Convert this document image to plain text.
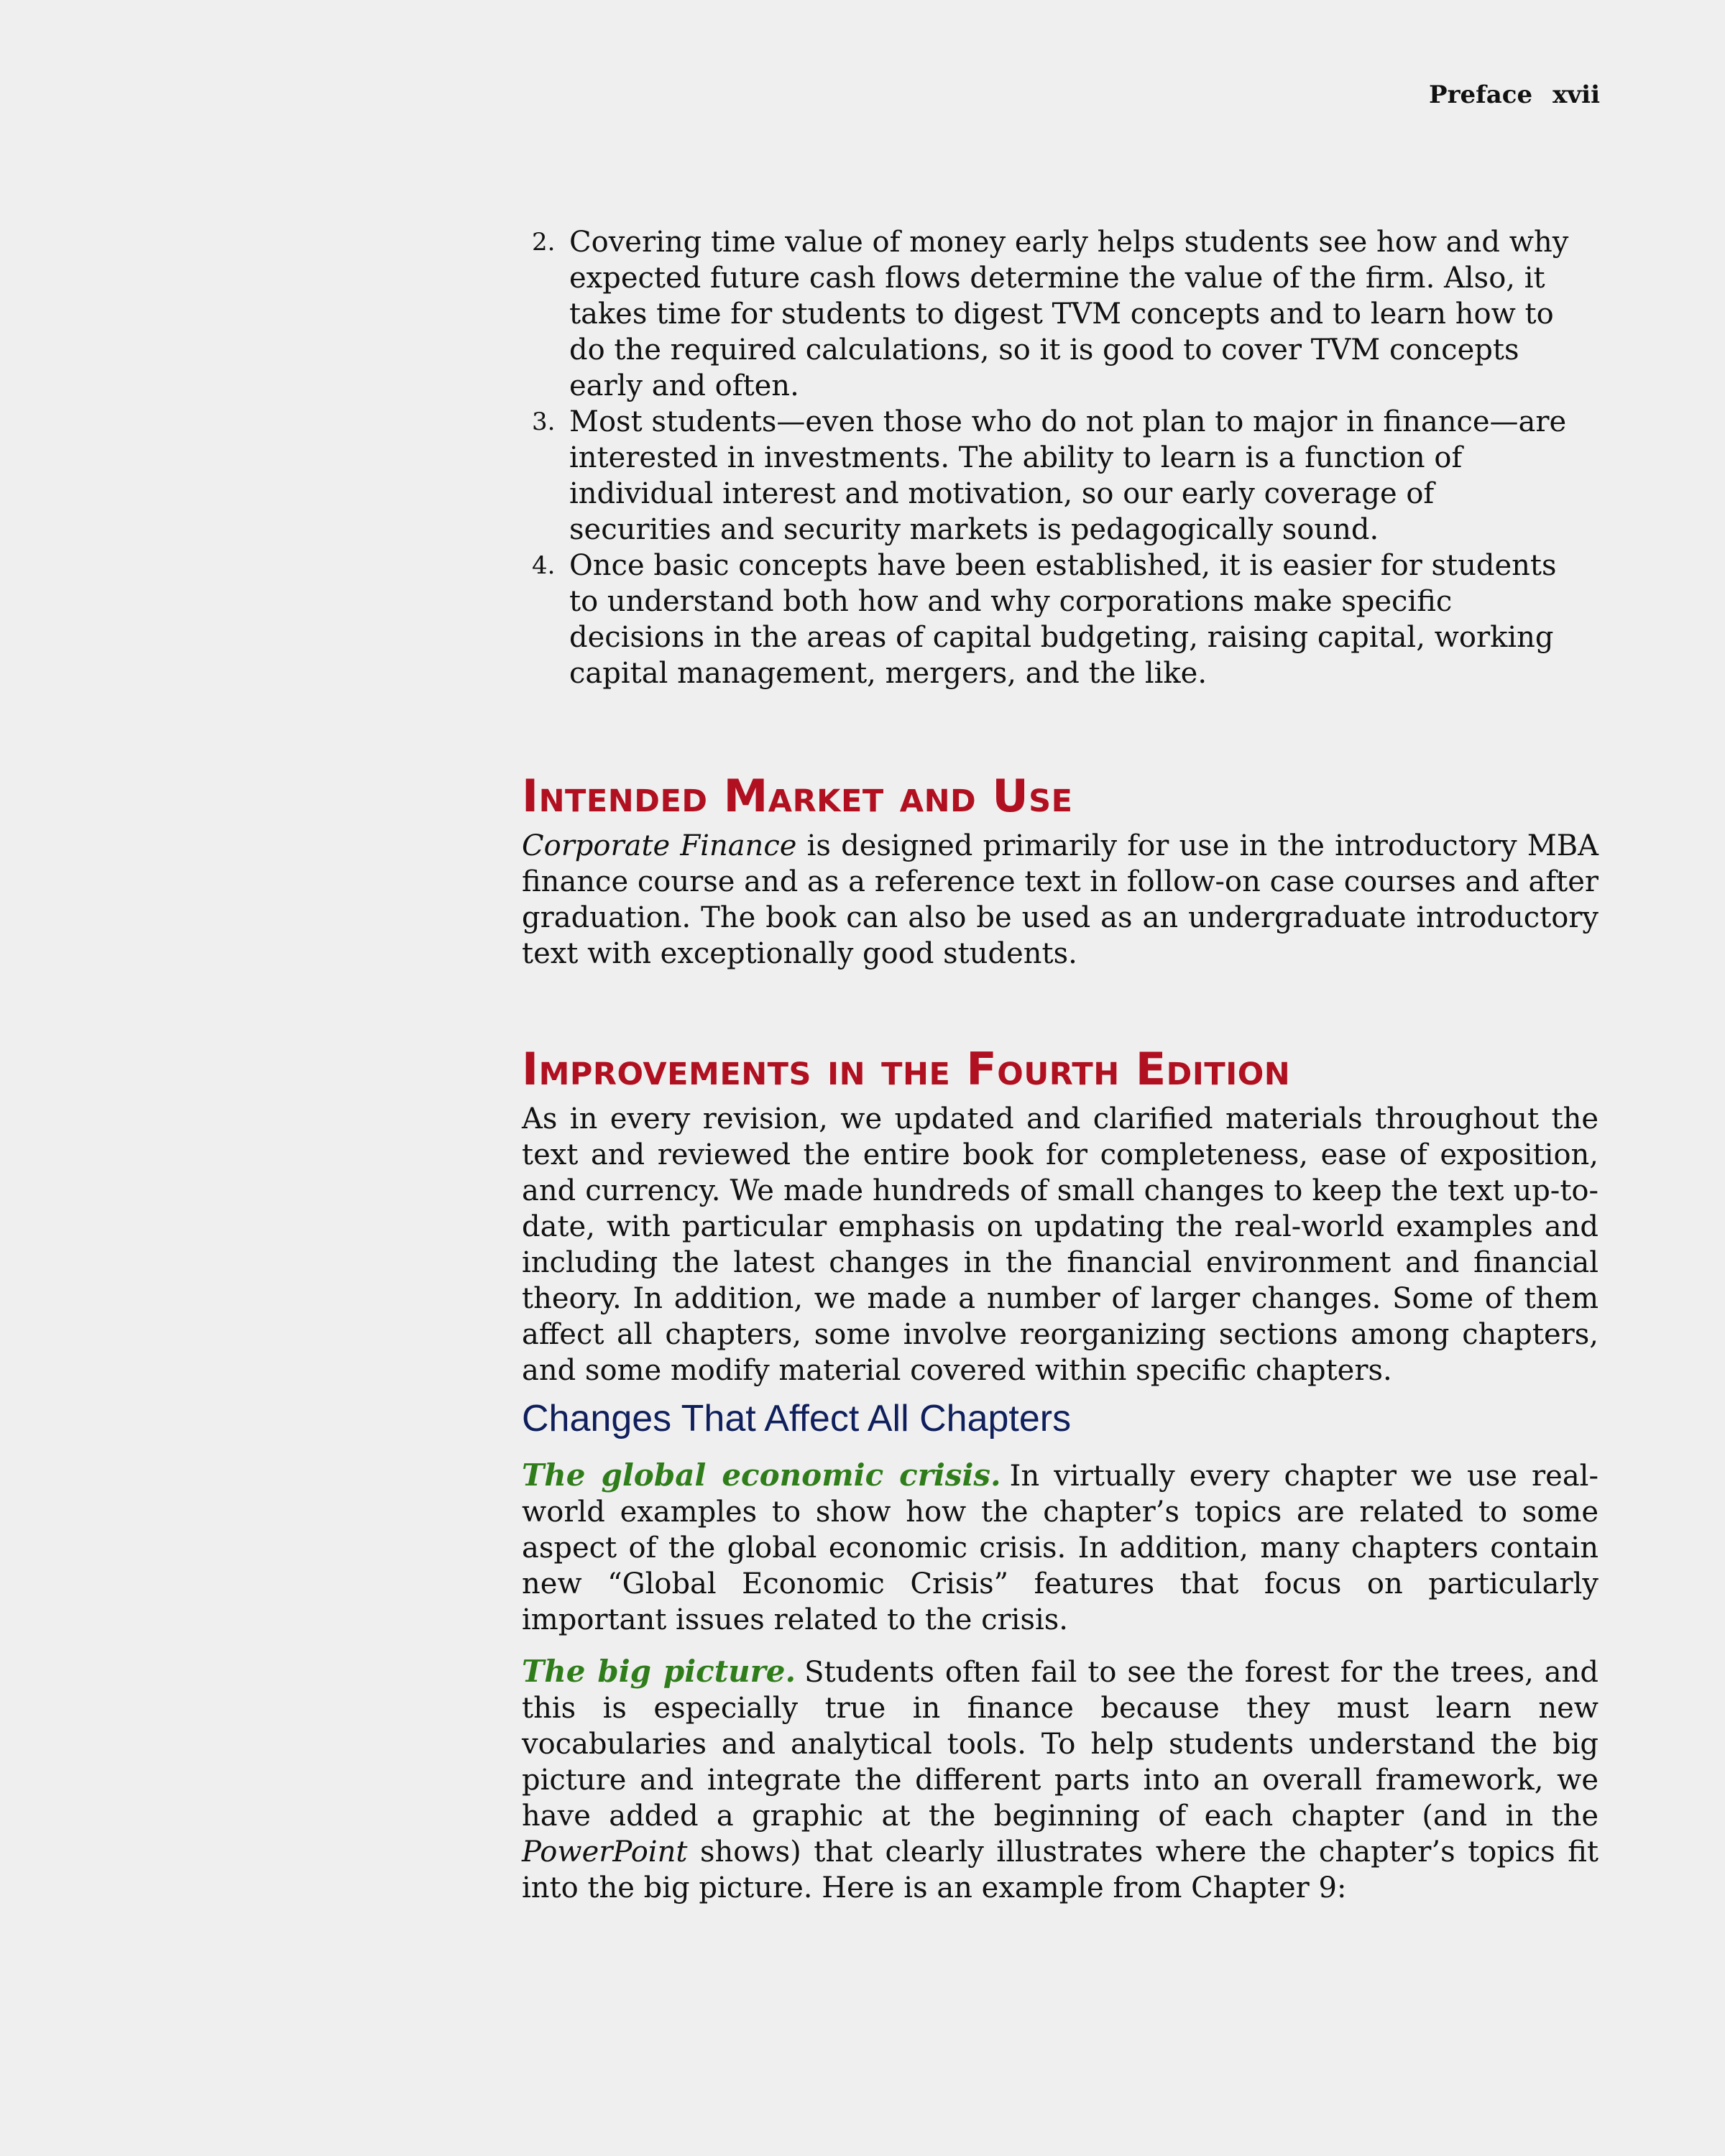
Preface xvii
2. Covering time value of money early helps students see how and why expected future cash flows determine the value of the firm. Also, it takes time for students to digest TVM concepts and to learn how to do the required calculations, so it is good to cover TVM concepts early and often.
3. Most students—even those who do not plan to major in finance—are interested in investments. The ability to learn is a function of individual interest and motivation, so our early coverage of securities and security markets is pedagogically sound.
4. Once basic concepts have been established, it is easier for students to understand both how and why corporations make specific decisions in the areas of capital budgeting, raising capital, working capital management, mergers, and the like.
Intended Market and Use

Corporate Finance is designed primarily for use in the introductory MBA finance course and as a reference text in follow-on case courses and after graduation. The book can also be used as an undergraduate introductory text with exceptionally good students.

Improvements in the Fourth Edition

As in every revision, we updated and clarified materials throughout the text and reviewed the entire book for completeness, ease of exposition, and currency. We made hundreds of small changes to keep the text up-to-date, with particular emphasis on updating the real-world examples and including the latest changes in the financial environment and financial theory. In addition, we made a number of larger changes. Some of them affect all chapters, some involve reorganizing sections among chapters, and some modify material covered within specific chapters.

Changes That Affect All Chapters

The global economic crisis. In virtually every chapter we use real-world examples to show how the chapter’s topics are related to some aspect of the global economic crisis. In addition, many chapters contain new “Global Economic Crisis” features that focus on particularly important issues related to the crisis.

The big picture. Students often fail to see the forest for the trees, and this is especially true in finance because they must learn new vocabularies and analytical tools. To help students understand the big picture and integrate the different parts into an overall framework, we have added a graphic at the beginning of each chapter (and in the PowerPoint shows) that clearly illustrates where the chapter’s topics fit into the big picture. Here is an example from Chapter 9:
